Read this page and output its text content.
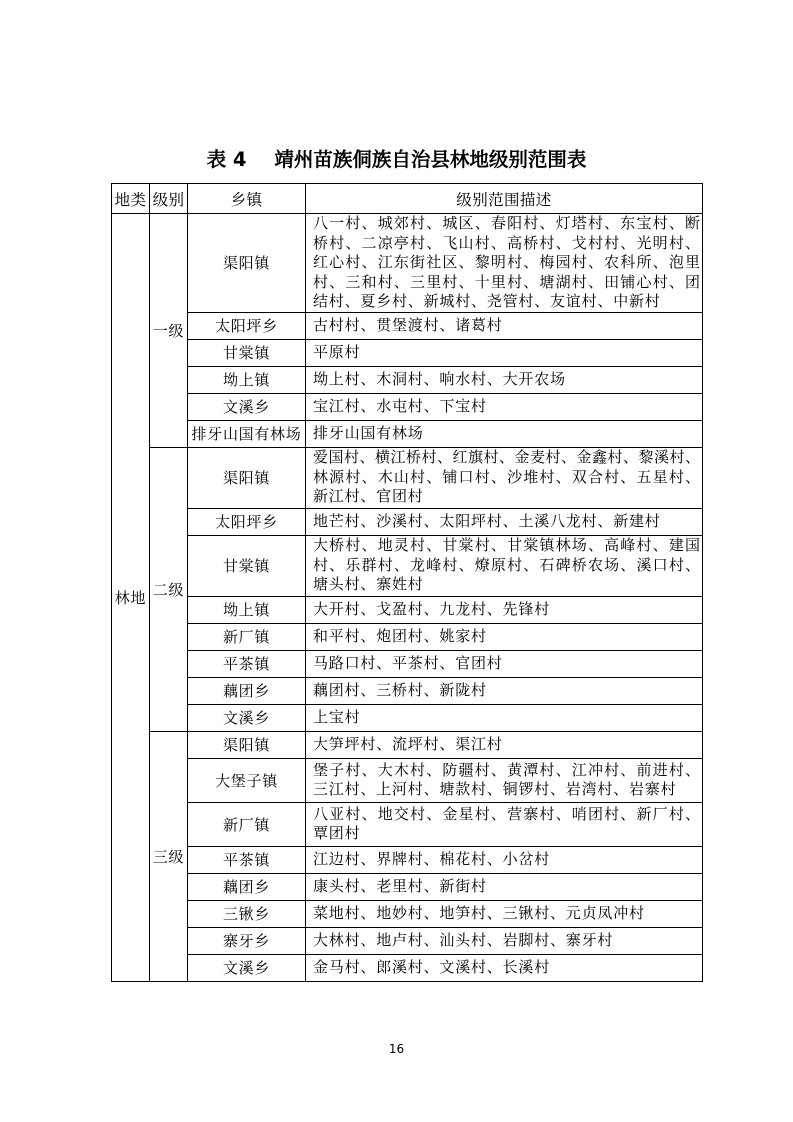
表 4 靖州苗族侗族自治县林地级别范围表
地类	级别	乡镇	级别范围描述
林地	一级	渠阳镇	八一村、城郊村、城区、春阳村、灯塔村、东宝村、断
桥村、二凉亭村、飞山村、高桥村、戈村村、光明村、
红心村、江东街社区、黎明村、梅园村、农科所、泡里
村、三和村、三里村、十里村、塘湖村、田铺心村、团
结村、夏乡村、新城村、尧管村、友谊村、中新村

		太阳坪乡	古村村、贯堡渡村、诸葛村

		甘棠镇	平原村

		坳上镇	坳上村、木洞村、响水村、大开农场

		文溪乡	宝江村、水屯村、下宝村

		排牙山国有林场	排牙山国有林场

	二级	渠阳镇	爱国村、横江桥村、红旗村、金麦村、金鑫村、黎溪村、
林源村、木山村、铺口村、沙堆村、双合村、五星村、
新江村、官团村

		太阳坪乡	地芒村、沙溪村、太阳坪村、土溪八龙村、新建村

		甘棠镇	大桥村、地灵村、甘棠村、甘棠镇林场、高峰村、建国
村、乐群村、龙峰村、燎原村、石碑桥农场、溪口村、
塘头村、寨姓村

		坳上镇	大开村、戈盈村、九龙村、先锋村

		新厂镇	和平村、炮团村、姚家村

		平茶镇	马路口村、平茶村、官团村

		藕团乡	藕团村、三桥村、新陇村

		文溪乡	上宝村

	三级	渠阳镇	大笋坪村、流坪村、渠江村

		大堡子镇	堡子村、大木村、防疆村、黄潭村、江冲村、前进村、
三江村、上河村、塘款村、铜锣村、岩湾村、岩寨村

		新厂镇	八亚村、地交村、金星村、营寨村、哨团村、新厂村、
覃团村

		平茶镇	江边村、界牌村、棉花村、小岔村

		藕团乡	康头村、老里村、新街村

		三锹乡	菜地村、地妙村、地笋村、三锹村、元贞凤冲村

		寨牙乡	大林村、地卢村、汕头村、岩脚村、寨牙村

		文溪乡	金马村、郎溪村、文溪村、长溪村
16
